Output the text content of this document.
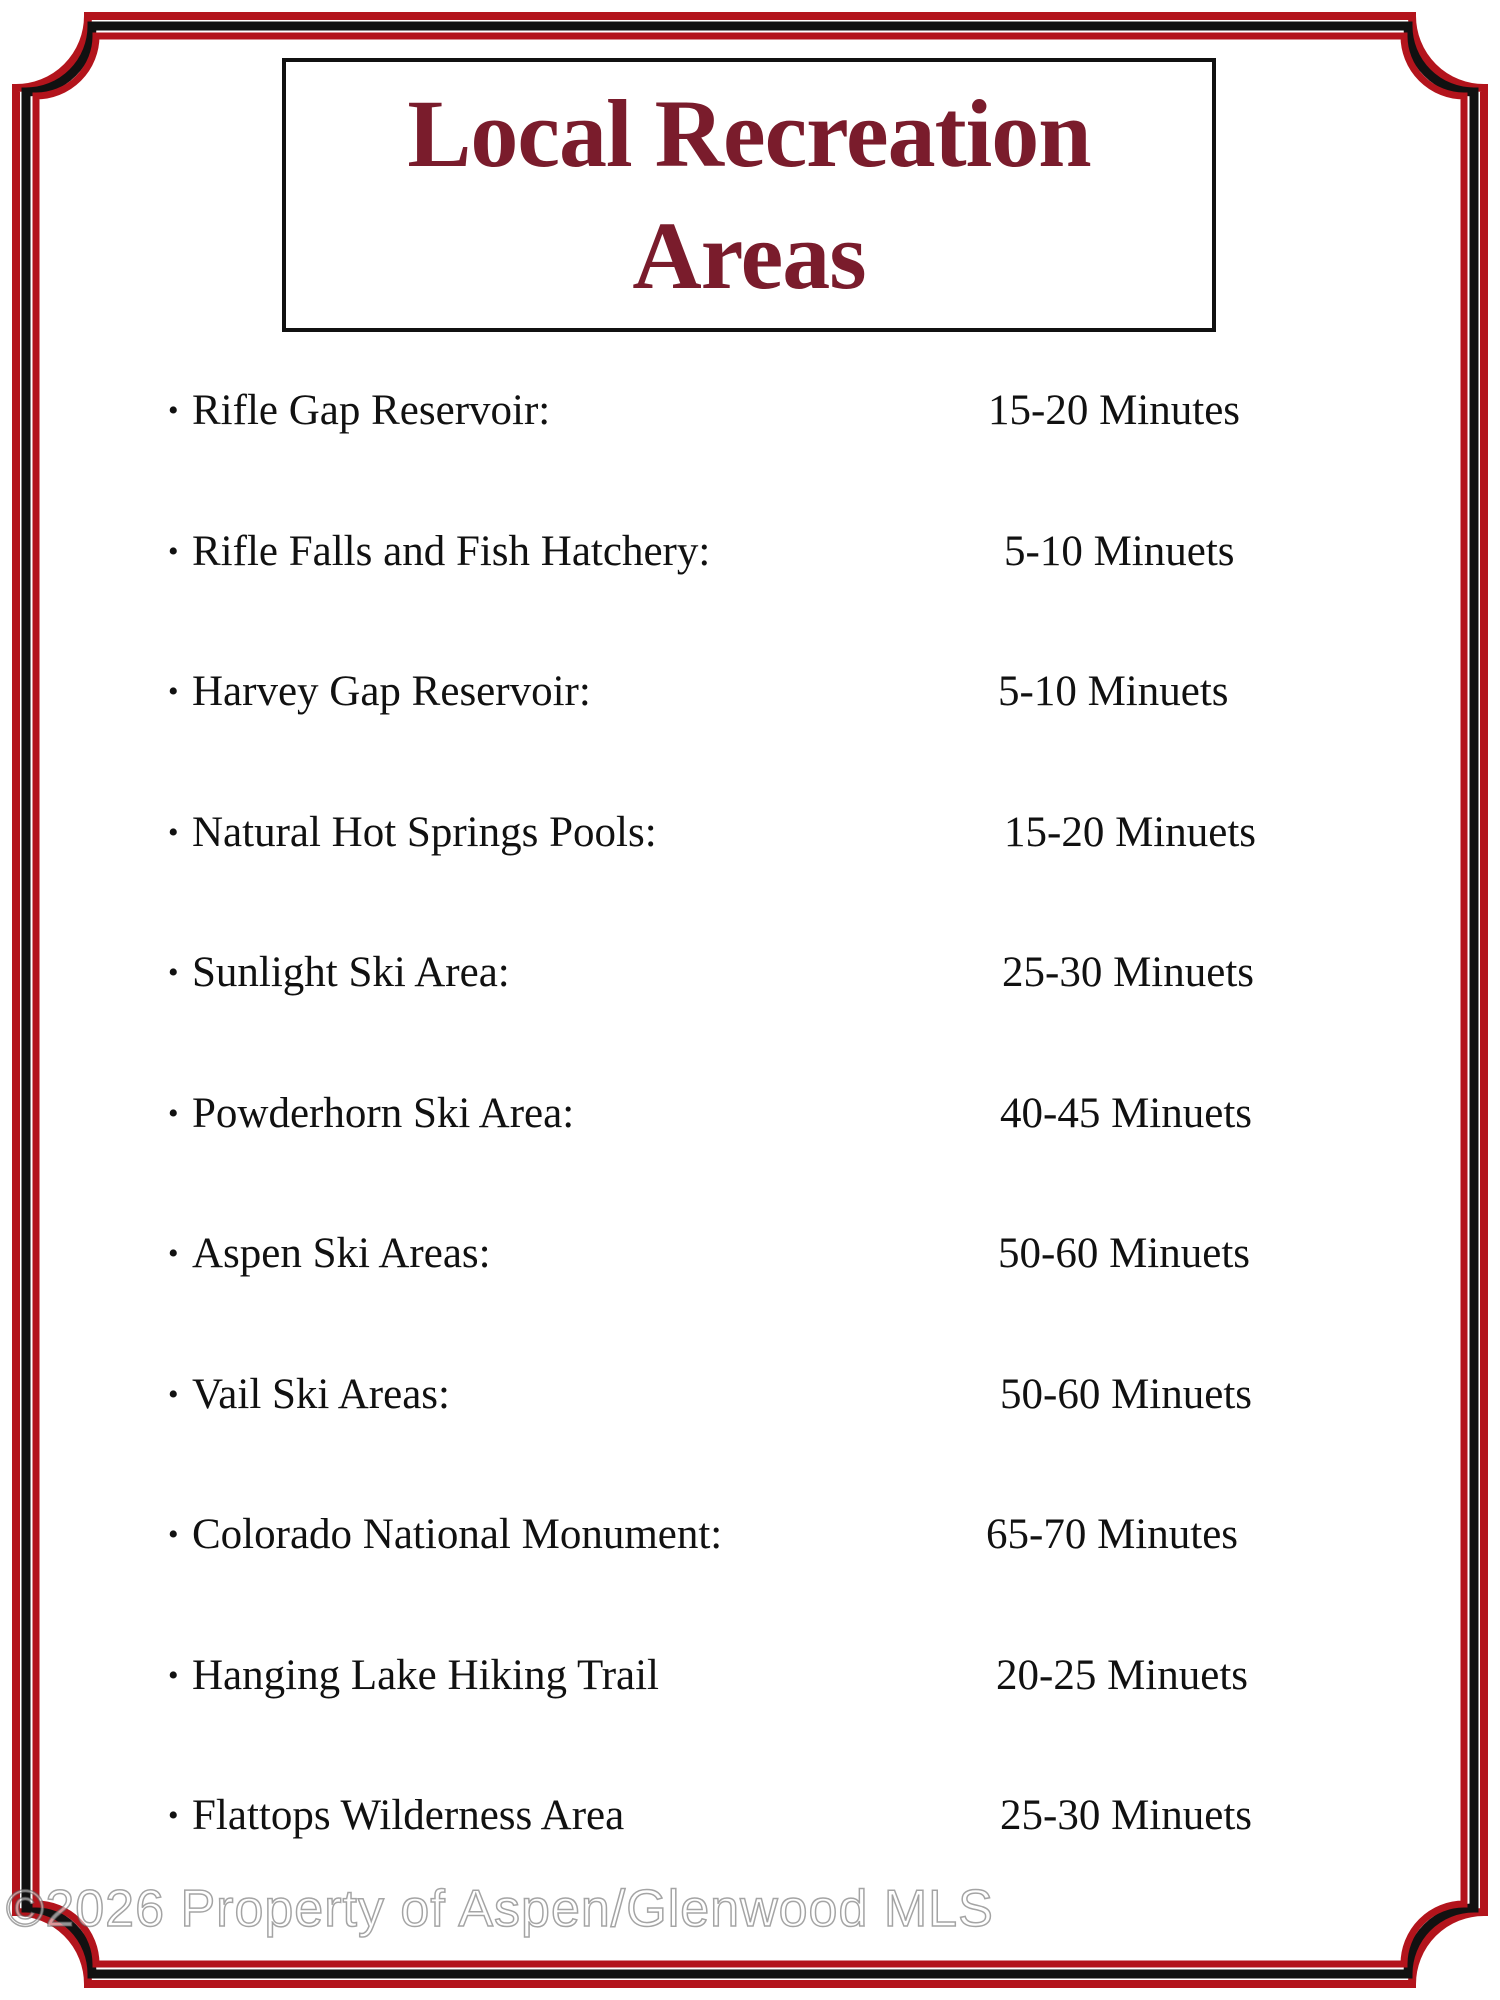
Local Recreation
Areas
• Rifle Gap Reservoir:	15-20 Minutes
• Rifle Falls and Fish Hatchery:	5-10 Minuets
• Harvey Gap Reservoir:	5-10 Minuets
• Natural Hot Springs Pools:	15-20 Minuets
• Sunlight Ski Area:	25-30 Minuets
• Powderhorn Ski Area:	40-45 Minuets
• Aspen Ski Areas:	50-60 Minuets
• Vail Ski Areas:	50-60 Minuets
• Colorado National Monument:	65-70 Minutes
• Hanging Lake Hiking Trail	20-25 Minuets
• Flattops Wilderness Area	25-30 Minuets
©2026 Property of Aspen/Glenwood MLS
